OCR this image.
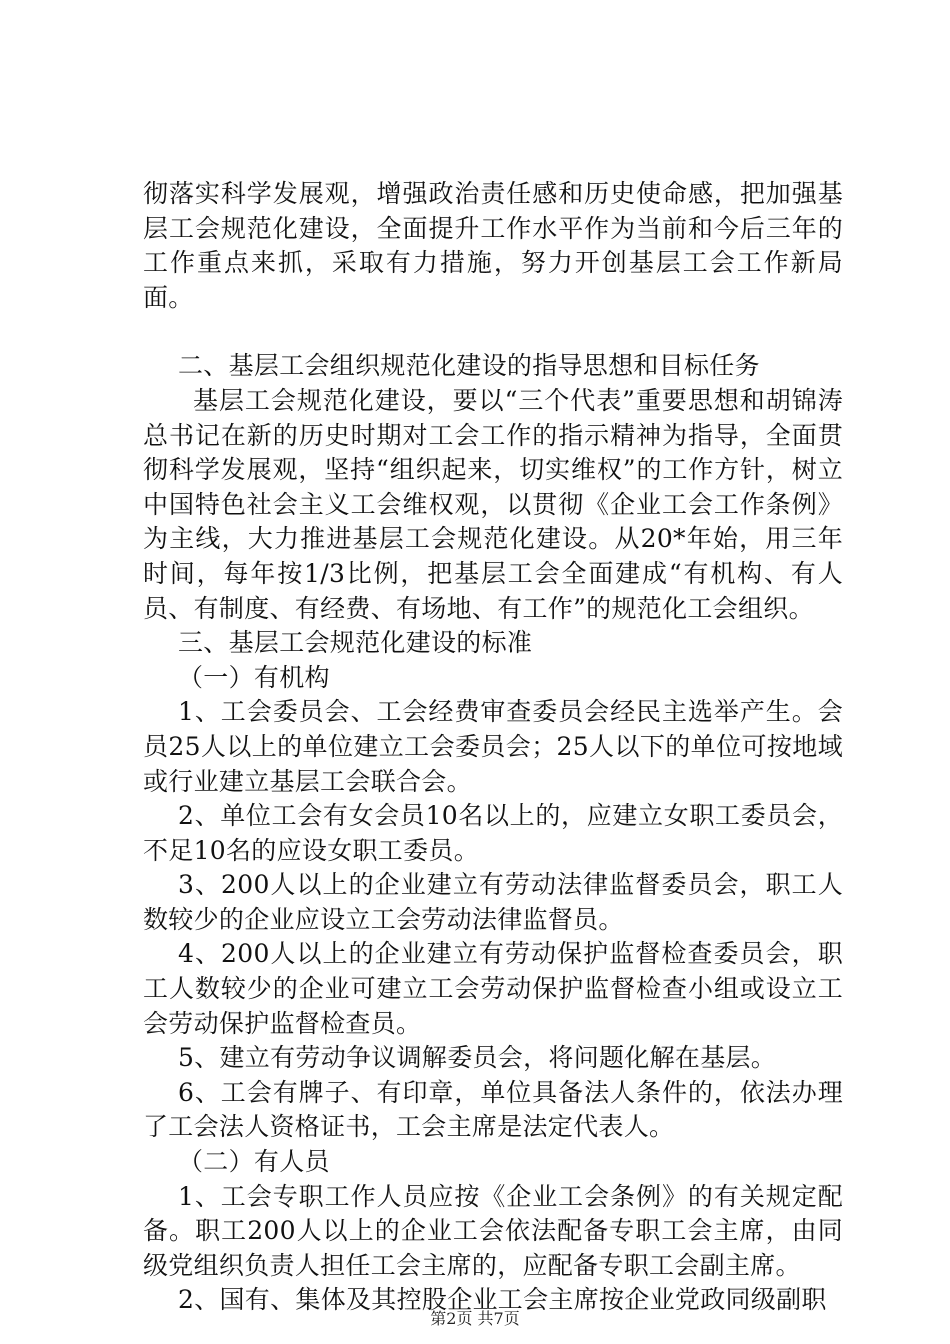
彻落实科学发展观，增强政治责任感和历史使命感，把加强基层工会规范化建设，全面提升工作水平作为当前和今后三年的工作重点来抓，采取有力措施，努力开创基层工会工作新局面。

二、基层工会组织规范化建设的指导思想和目标任务

基层工会规范化建设，要以“三个代表”重要思想和胡锦涛总书记在新的历史时期对工会工作的指示精神为指导，全面贯彻科学发展观，坚持“组织起来，切实维权”的工作方针，树立中国特色社会主义工会维权观，以贯彻《企业工会工作条例》为主线，大力推进基层工会规范化建设。从20*年始，用三年时间，每年按1/3比例，把基层工会全面建成“有机构、有人员、有制度、有经费、有场地、有工作”的规范化工会组织。

三、基层工会规范化建设的标准

（一）有机构

1、工会委员会、工会经费审查委员会经民主选举产生。会员25人以上的单位建立工会委员会；25人以下的单位可按地域或行业建立基层工会联合会。

2、单位工会有女会员10名以上的，应建立女职工委员会，不足10名的应设女职工委员。

3、200人以上的企业建立有劳动法律监督委员会，职工人数较少的企业应设立工会劳动法律监督员。

4、200人以上的企业建立有劳动保护监督检查委员会，职工人数较少的企业可建立工会劳动保护监督检查小组或设立工会劳动保护监督检查员。

5、建立有劳动争议调解委员会，将问题化解在基层。

6、工会有牌子、有印章，单位具备法人条件的，依法办理了工会法人资格证书，工会主席是法定代表人。

（二）有人员

1、工会专职工作人员应按《企业工会条例》的有关规定配备。职工200人以上的企业工会依法配备专职工会主席，由同级党组织负责人担任工会主席的，应配备专职工会副主席。

2、国有、集体及其控股企业工会主席按企业党政同级副职

第2页 共7页
